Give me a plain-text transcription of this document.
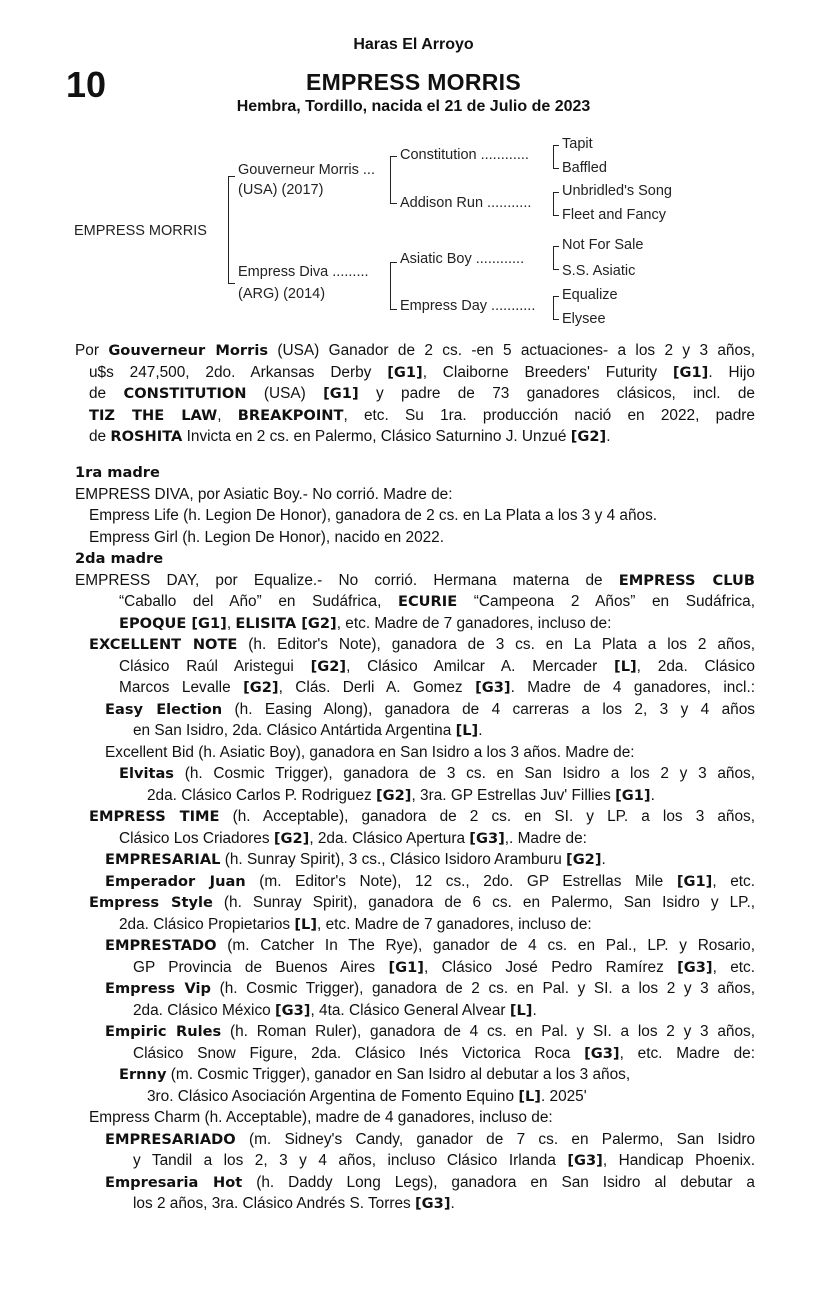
Haras El Arroyo
10	EMPRESS MORRIS
Hembra, Tordillo, nacida el 21 de Julio de 2023
EMPRESS MORRIS
Gouverneur Morris ...
(USA) (2017)
Empress Diva .........
(ARG) (2014)
Constitution ............
Addison Run ...........
Asiatic Boy ............
Empress Day ...........
Tapit
Baffled
Unbridled's Song
Fleet and Fancy
Not For Sale
S.S. Asiatic
Equalize
Elysee
Por Gouverneur Morris (USA) Ganador de 2 cs. -en 5 actuaciones- a los 2 y 3 años,
u$s 247,500, 2do. Arkansas Derby [G1], Claiborne Breeders' Futurity [G1]. Hijo
de CONSTITUTION (USA) [G1] y padre de 73 ganadores clásicos, incl. de
TIZ THE LAW, BREAKPOINT, etc. Su 1ra. producción nació en 2022, padre
de ROSHITA Invicta en 2 cs. en Palermo, Clásico Saturnino J. Unzué [G2].
1ra madre
EMPRESS DIVA, por Asiatic Boy.- No corrió. Madre de:
Empress Life (h. Legion De Honor), ganadora de 2 cs. en La Plata a los 3 y 4 años.
Empress Girl (h. Legion De Honor), nacido en 2022.
2da madre
EMPRESS DAY, por Equalize.- No corrió. Hermana materna de EMPRESS CLUB
“Caballo del Año” en Sudáfrica, ECURIE “Campeona 2 Años” en Sudáfrica,
EPOQUE [G1], ELISITA [G2], etc. Madre de 7 ganadores, incluso de:
EXCELLENT NOTE (h. Editor's Note), ganadora de 3 cs. en La Plata a los 2 años,
Clásico Raúl Aristegui [G2], Clásico Amilcar A. Mercader [L], 2da. Clásico
Marcos Levalle [G2], Clás. Derli A. Gomez [G3]. Madre de 4 ganadores, incl.:
Easy Election (h. Easing Along), ganadora de 4 carreras a los 2, 3 y 4 años
en San Isidro, 2da. Clásico Antártida Argentina [L].
Excellent Bid (h. Asiatic Boy), ganadora en San Isidro a los 3 años. Madre de:
Elvitas (h. Cosmic Trigger), ganadora de 3 cs. en San Isidro a los 2 y 3 años,
2da. Clásico Carlos P. Rodriguez [G2], 3ra. GP Estrellas Juv' Fillies [G1].
EMPRESS TIME (h. Acceptable), ganadora de 2 cs. en SI. y LP. a los 3 años,
Clásico Los Criadores [G2], 2da. Clásico Apertura [G3],. Madre de:
EMPRESARIAL (h. Sunray Spirit), 3 cs., Clásico Isidoro Aramburu [G2].
Emperador Juan (m. Editor's Note), 12 cs., 2do. GP Estrellas Mile [G1], etc.
Empress Style (h. Sunray Spirit), ganadora de 6 cs. en Palermo, San Isidro y LP.,
2da. Clásico Propietarios [L], etc. Madre de 7 ganadores, incluso de:
EMPRESTADO (m. Catcher In The Rye), ganador de 4 cs. en Pal., LP. y Rosario,
GP Provincia de Buenos Aires [G1], Clásico José Pedro Ramírez [G3], etc.
Empress Vip (h. Cosmic Trigger), ganadora de 2 cs. en Pal. y SI. a los 2 y 3 años,
2da. Clásico México [G3], 4ta. Clásico General Alvear [L].
Empiric Rules (h. Roman Ruler), ganadora de 4 cs. en Pal. y SI. a los 2 y 3 años,
Clásico Snow Figure, 2da. Clásico Inés Victorica Roca [G3], etc. Madre de:
Ernny (m. Cosmic Trigger), ganador en San Isidro al debutar a los 3 años,
3ro. Clásico Asociación Argentina de Fomento Equino [L]. 2025'
Empress Charm (h. Acceptable), madre de 4 ganadores, incluso de:
EMPRESARIADO (m. Sidney's Candy, ganador de 7 cs. en Palermo, San Isidro
y Tandil a los 2, 3 y 4 años, incluso Clásico Irlanda [G3], Handicap Phoenix.
Empresaria Hot (h. Daddy Long Legs), ganadora en San Isidro al debutar a
los 2 años, 3ra. Clásico Andrés S. Torres [G3].
